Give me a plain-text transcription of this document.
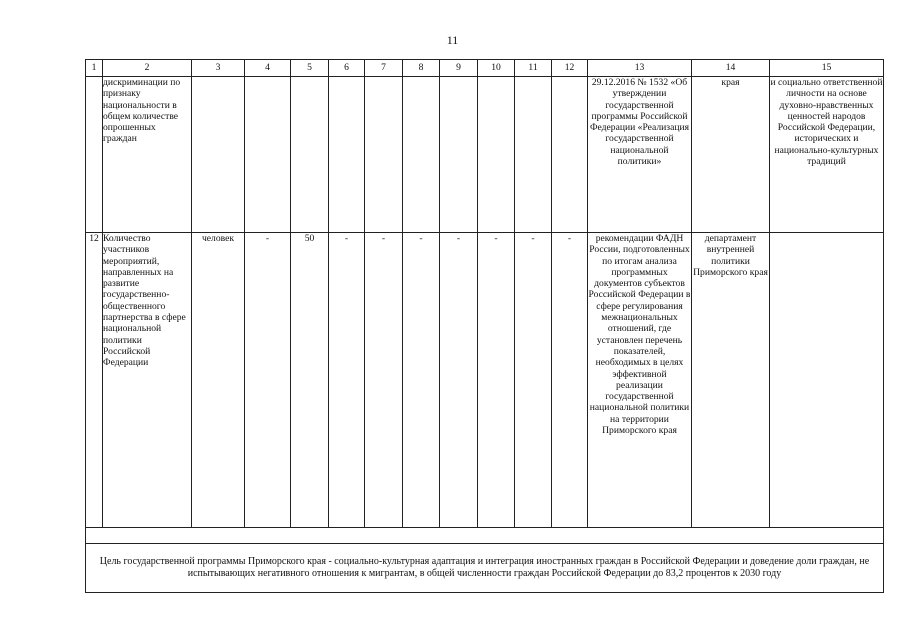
11
1	2	3	4	5	6	7	8	9	10	11	12	13	14	15
	дискриминации по признаку национальности в общем количестве опрошенных граждан											29.12.2016 № 1532 «Об утверждении государственной программы Российской Федерации «Реализация государственной национальной политики»	края	и социально ответственной личности на основе духовно-нравственных ценностей народов Российской Федерации, исторических и национально-культурных традиций
12	Количество участников мероприятий, направленных на развитие государственно-общественного партнерства в сфере национальной политики Российской Федерации	человек	-	50	-	-	-	-	-	-	-	рекомендации ФАДН России, подготовленных по итогам анализа программных документов субъектов Российской Федерации в сфере регулирования межнациональных отношений, где установлен перечень показателей, необходимых в целях эффективной реализации государственной национальной политики на территории Приморского края	департамент внутренней политики Приморского края	

Цель государственной программы Приморского края - социально-культурная адаптация и интеграция иностранных граждан в Российской Федерации и доведение доли граждан, не испытывающих негативного отношения к мигрантам, в общей численности граждан Российской Федерации до 83,2 процентов к 2030 году														
